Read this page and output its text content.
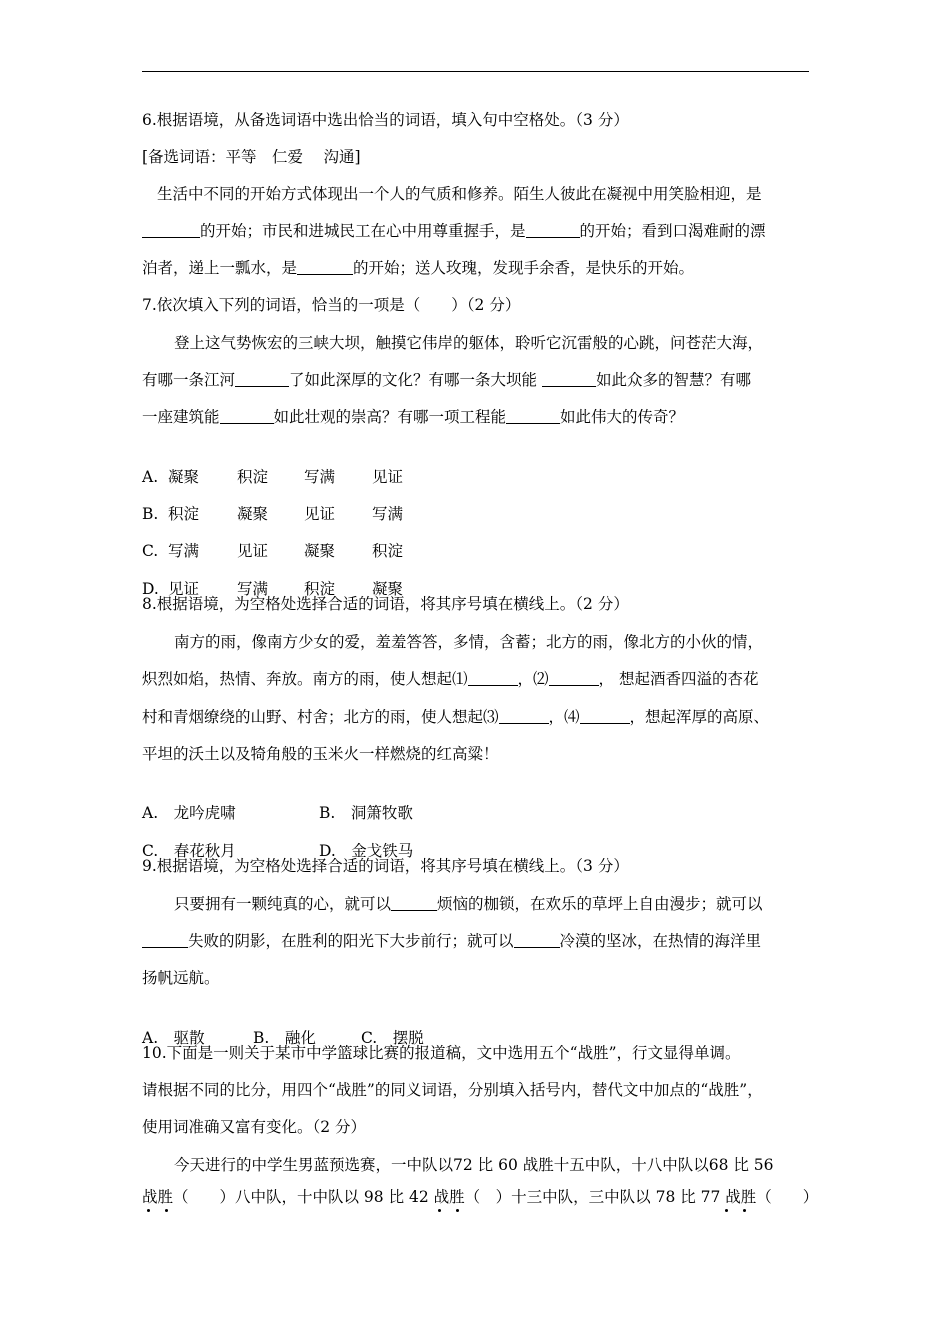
6.根据语境，从备选词语中选出恰当的词语，填入句中空格处。（3 分）
[备选词语：平等　仁爱　 沟通]
生活中不同的开始方式体现出一个人的气质和修养。陌生人彼此在凝视中用笑脸相迎，是
的开始；市民和进城民工在心中用尊重握手，是	的开始；看到口渴难耐的漂
泊者，递上一瓢水，是	的开始；送人玫瑰，发现手余香，是快乐的开始。
7.依次填入下列的词语，恰当的一项是（　　）（2 分）
登上这气势恢宏的三峡大坝，触摸它伟岸的躯体，聆听它沉雷般的心跳，问苍茫大海，
有哪一条江河	了如此深厚的文化？有哪一条大坝能	如此众多的智慧？有哪
一座建筑能	如此壮观的崇高？有哪一项工程能	如此伟大的传奇？

A. 凝聚 积淀 写满 见证

B. 积淀 凝聚 见证 写满

C. 写满 见证 凝聚 积淀

D. 见证 写满 积淀 凝聚

8.根据语境，为空格处选择合适的词语，将其序号填在横线上。（2 分）
南方的雨，像南方少女的爱，羞羞答答，多情，含蓄；北方的雨，像北方的小伙的情，
炽烈如焰，热情、奔放。南方的雨，使人想起⑴	，⑵	， 想起酒香四溢的杏花
村和青烟缭绕的山野、村舍；北方的雨，使人想起⑶	，⑷	，想起浑厚的高原、
平坦的沃土以及犄角般的玉米火一样燃烧的红高粱！

A.　龙吟虎啸	B.　洞箫牧歌

C.　春花秋月	D.　金戈铁马

9.根据语境，为空格处选择合适的词语，将其序号填在横线上。（3 分）
只要拥有一颗纯真的心，就可以	烦恼的枷锁，在欢乐的草坪上自由漫步；就可以
失败的阴影，在胜利的阳光下大步前行；就可以	冷漠的坚冰，在热情的海洋里
扬帆远航。

A.　驱散	B.　融化	C.　摆脱

10.下面是一则关于某市中学篮球比赛的报道稿，文中选用五个“战胜”，行文显得单调。
请根据不同的比分，用四个“战胜”的同义词语，分别填入括号内，替代文中加点的“战胜”，
使用词准确又富有变化。（2 分）
今天进行的中学生男蓝预选赛，一中队以72 比 60 战胜十五中队，十八中队以68 比 56
战胜（　　）八中队，十中队以 98 比 42 战胜（　）十三中队，三中队以 78 比 77 战胜（　　）
